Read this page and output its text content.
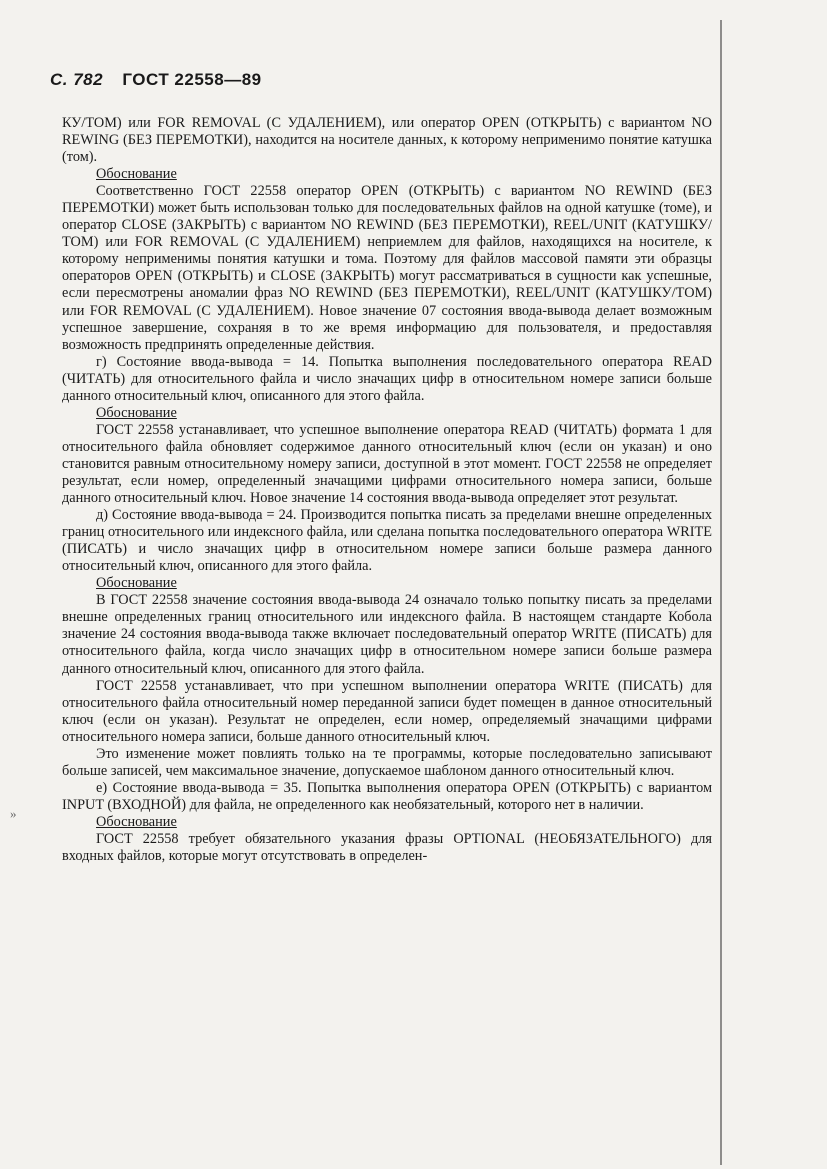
»
С. 782 ГОСТ 22558—89

КУ/ТОМ) или FOR REMOVAL (С УДАЛЕНИЕМ), или оператор OPEN (ОТКРЫТЬ) с вариантом NO REWING (БЕЗ ПЕРЕМОТКИ), находится на носителе данных, к которому неприменимо понятие катушка (том).

Обоснование

Соответственно ГОСТ 22558 оператор OPEN (ОТКРЫТЬ) с вариантом NO REWIND (БЕЗ ПЕРЕМОТКИ) может быть использован только для последовательных файлов на одной катушке (томе), и оператор CLOSE (ЗАКРЫТЬ) с вариантом NO REWIND (БЕЗ ПЕРЕМОТКИ), REEL/UNIT (КАТУШКУ/ТОМ) или FOR REMOVAL (С УДАЛЕНИЕМ) неприемлем для файлов, находящихся на носителе, к которому неприменимы понятия катушки и тома. Поэтому для файлов массовой памяти эти образцы операторов OPEN (ОТКРЫТЬ) и CLOSE (ЗАКРЫТЬ) могут рассматриваться в сущности как успешные, если пересмотрены аномалии фраз NO REWIND (БЕЗ ПЕРЕМОТКИ), REEL/UNIT (КАТУШКУ/ТОМ) или FOR REMOVAL (С УДАЛЕНИЕМ). Новое значение 07 состояния ввода-вывода делает возможным успешное завершение, сохраняя в то же время информацию для пользователя, и предоставляя возможность предпринять определенные действия.

г) Состояние ввода-вывода = 14. Попытка выполнения последовательного оператора READ (ЧИТАТЬ) для относительного файла и число значащих цифр в относительном номере записи больше данного относительный ключ, описанного для этого файла.

Обоснование

ГОСТ 22558 устанавливает, что успешное выполнение оператора READ (ЧИТАТЬ) формата 1 для относительного файла обновляет содержимое данного относительный ключ (если он указан) и оно становится равным относительному номеру записи, доступной в этот момент. ГОСТ 22558 не определяет результат, если номер, определенный значащими цифрами относительного номера записи, больше данного относительный ключ. Новое значение 14 состояния ввода-вывода определяет этот результат.

д) Состояние ввода-вывода = 24. Производится попытка писать за пределами внешне определенных границ относительного или индексного файла, или сделана попытка последовательного оператора WRITE (ПИСАТЬ) и число значащих цифр в относительном номере записи больше размера данного относительный ключ, описанного для этого файла.

Обоснование

В ГОСТ 22558 значение состояния ввода-вывода 24 означало только попытку писать за пределами внешне определенных границ относительного или индексного файла. В настоящем стандарте Кобола значение 24 состояния ввода-вывода также включает последовательный оператор WRITE (ПИСАТЬ) для относительного файла, когда число значащих цифр в относительном номере записи больше размера данного относительный ключ, описанного для этого файла.

ГОСТ 22558 устанавливает, что при успешном выполнении оператора WRITE (ПИСАТЬ) для относительного файла относительный номер переданной записи будет помещен в данное относительный ключ (если он указан). Результат не определен, если номер, определяемый значащими цифрами относительного номера записи, больше данного относительный ключ.

Это изменение может повлиять только на те программы, которые последовательно записывают больше записей, чем максимальное значение, допускаемое шаблоном данного относительный ключ.

е) Состояние ввода-вывода = 35. Попытка выполнения оператора OPEN (ОТКРЫТЬ) с вариантом INPUT (ВХОДНОЙ) для файла, не определенного как необязательный, которого нет в наличии.

Обоснование

ГОСТ 22558 требует обязательного указания фразы OPTIONAL (НЕОБЯЗАТЕЛЬНОГО) для входных файлов, которые могут отсутствовать в определен-
